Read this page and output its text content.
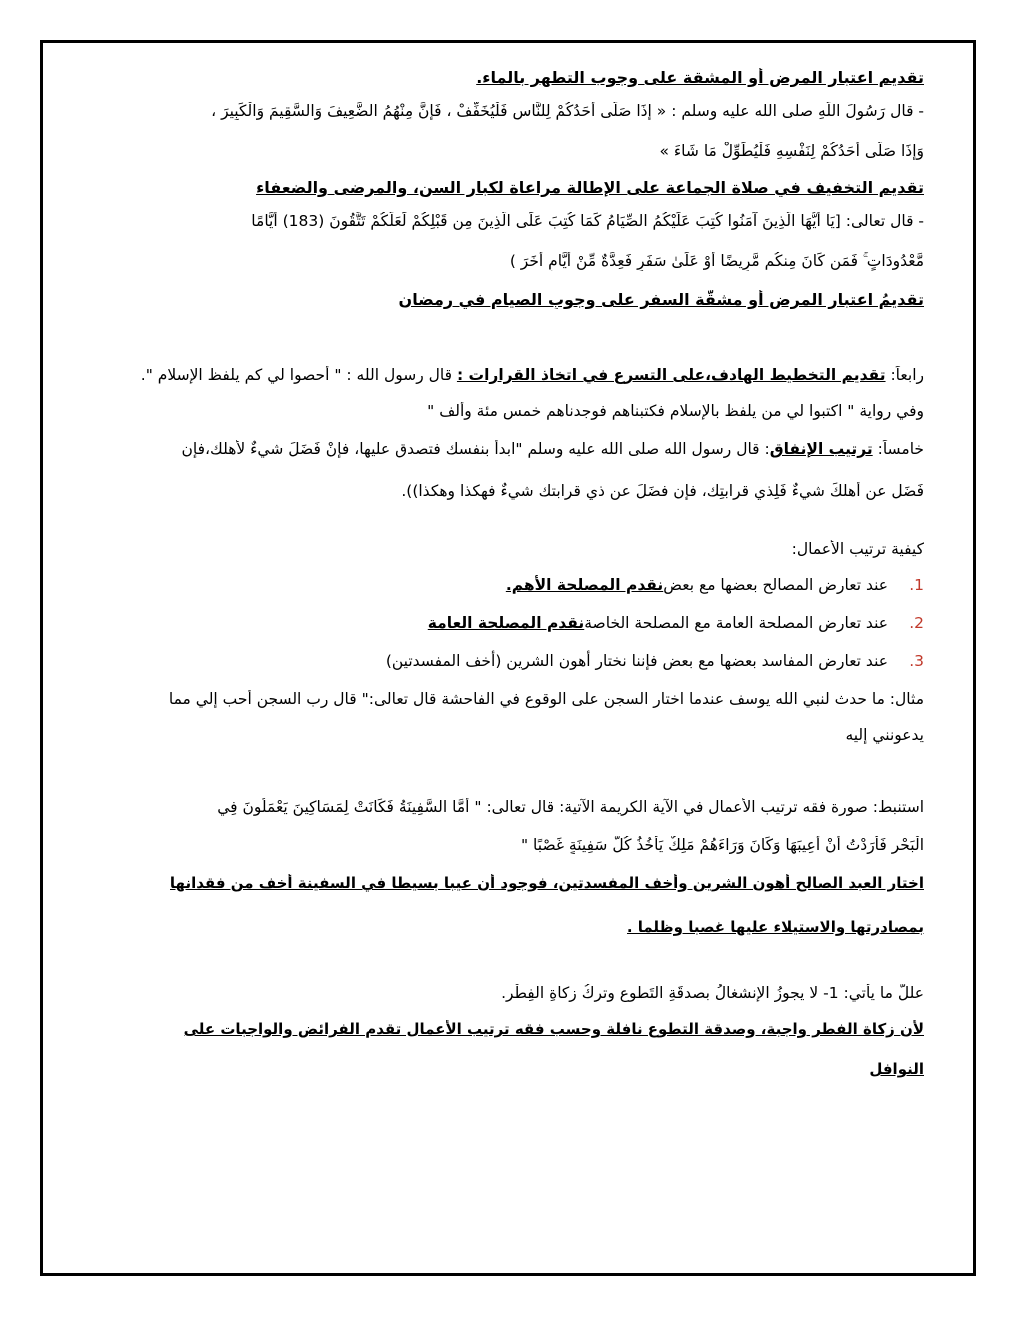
تقديم اعتبار المرض أو المشقة على وجوب التطهر بالماء.
- قال رَسُولَ اللَّهِ صلى الله عليه وسلم : « إِذَا صَلَّى أَحَدُكُمْ لِلنَّاسِ فَلْيُخَفِّفْ ، فَإِنَّ مِنْهُمُ الضَّعِيفَ وَالسَّقِيمَ وَالْكَبِيرَ ،
وَإِذَا صَلَّى أَحَدُكُمْ لِنَفْسِهِ فَلْيُطَوِّلْ مَا شَاءَ »
تقديم التخفيف في صلاة الجماعة على الإطالة مراعاة لكبار السن، والمرضى والضعفاء
- قال تعالى: [يَا أَيُّهَا الَّذِينَ آمَنُوا كُتِبَ عَلَيْكُمُ الصِّيَامُ كَمَا كُتِبَ عَلَى الَّذِينَ مِن قَبْلِكُمْ لَعَلَّكُمْ تَتَّقُونَ (183) أَيَّامًا
مَّعْدُودَاتٍ ۚ فَمَن كَانَ مِنكُم مَّرِيضًا أَوْ عَلَىٰ سَفَرٍ فَعِدَّةٌ مِّنْ أَيَّامٍ أُخَرَ )
تقديمُ اعتبارِ المرضِ أوِ مشقّة السفر على وجوبِ الصيام في رمضان
رابعاً: تقديم التخطيط الهادف،على التسرع في اتخاذ القرارات : قال رسول الله : " أحصوا لي كم يلفظ الإسلام ".
وفي رواية " اكتبوا لي من يلفظ بالإسلام فكتبناهم فوجدناهم خمس مئة وألف "
خامساً: ترتيب الإنفاق: قال رسول الله صلى الله عليه وسلم "ابدأ بنفسك فتصدق عليها، فإنْ فَضَلَ شيءٌ لأهلك،فإن
فَضَل عن أهلكَ شيءٌ فَلِذي قرابتِك، فإن فضَلَ عن ذي قرابتك شيءٌ فهكذا وهكذا)).
كيفية ترتيب الأعمال:
1.
عند تعارض المصالح بعضها مع بعض
نقدم المصلحة الأهم.
2.
عند تعارض المصلحة العامة مع المصلحة الخاصة
نقدم المصلحة العامة
3.
عند تعارض المفاسد بعضها مع بعض فإننا نختار أهون الشرين (أخف المفسدتين)
مثال: ما حدث لنبي الله يوسف عندما اختار السجن على الوقوع في الفاحشة قال تعالى:" قال رب السجن أحب إلي مما
يدعونني إليه
استنبط: صورة فقه ترتيب الأعمال في الآية الكريمة الآتية: قال تعالى: " أَمَّا السَّفِينَةُ فَكَانَتْ لِمَسَاكِينَ يَعْمَلُونَ فِي
الْبَحْرِ فَأَرَدْتُ أَنْ أَعِيبَهَا وَكَانَ وَرَاءَهُمْ مَلِكٌ يَأْخُذُ كُلَّ سَفِينَةٍ غَصْبًا "
اختار العبد الصالح أهون الشرين وأخف المفسدتين، فوجود أن عيبا بسيطا في السفينة أخف من فقدانها
بمصادرتها والاستيلاء عليها غصبا وظلما .
عللّ ما يأتي: 1- لا يجوزُ الإنشغالُ بصدقَةِ التَطوعِ وتركُ زكاةِ الفِطْرِ.
لأن زكاة الفطر واجبة، وصدقة التطوع نافلة وحسب فقه ترتيب الأعمال تقدم الفرائض والواجبات على
النوافل
